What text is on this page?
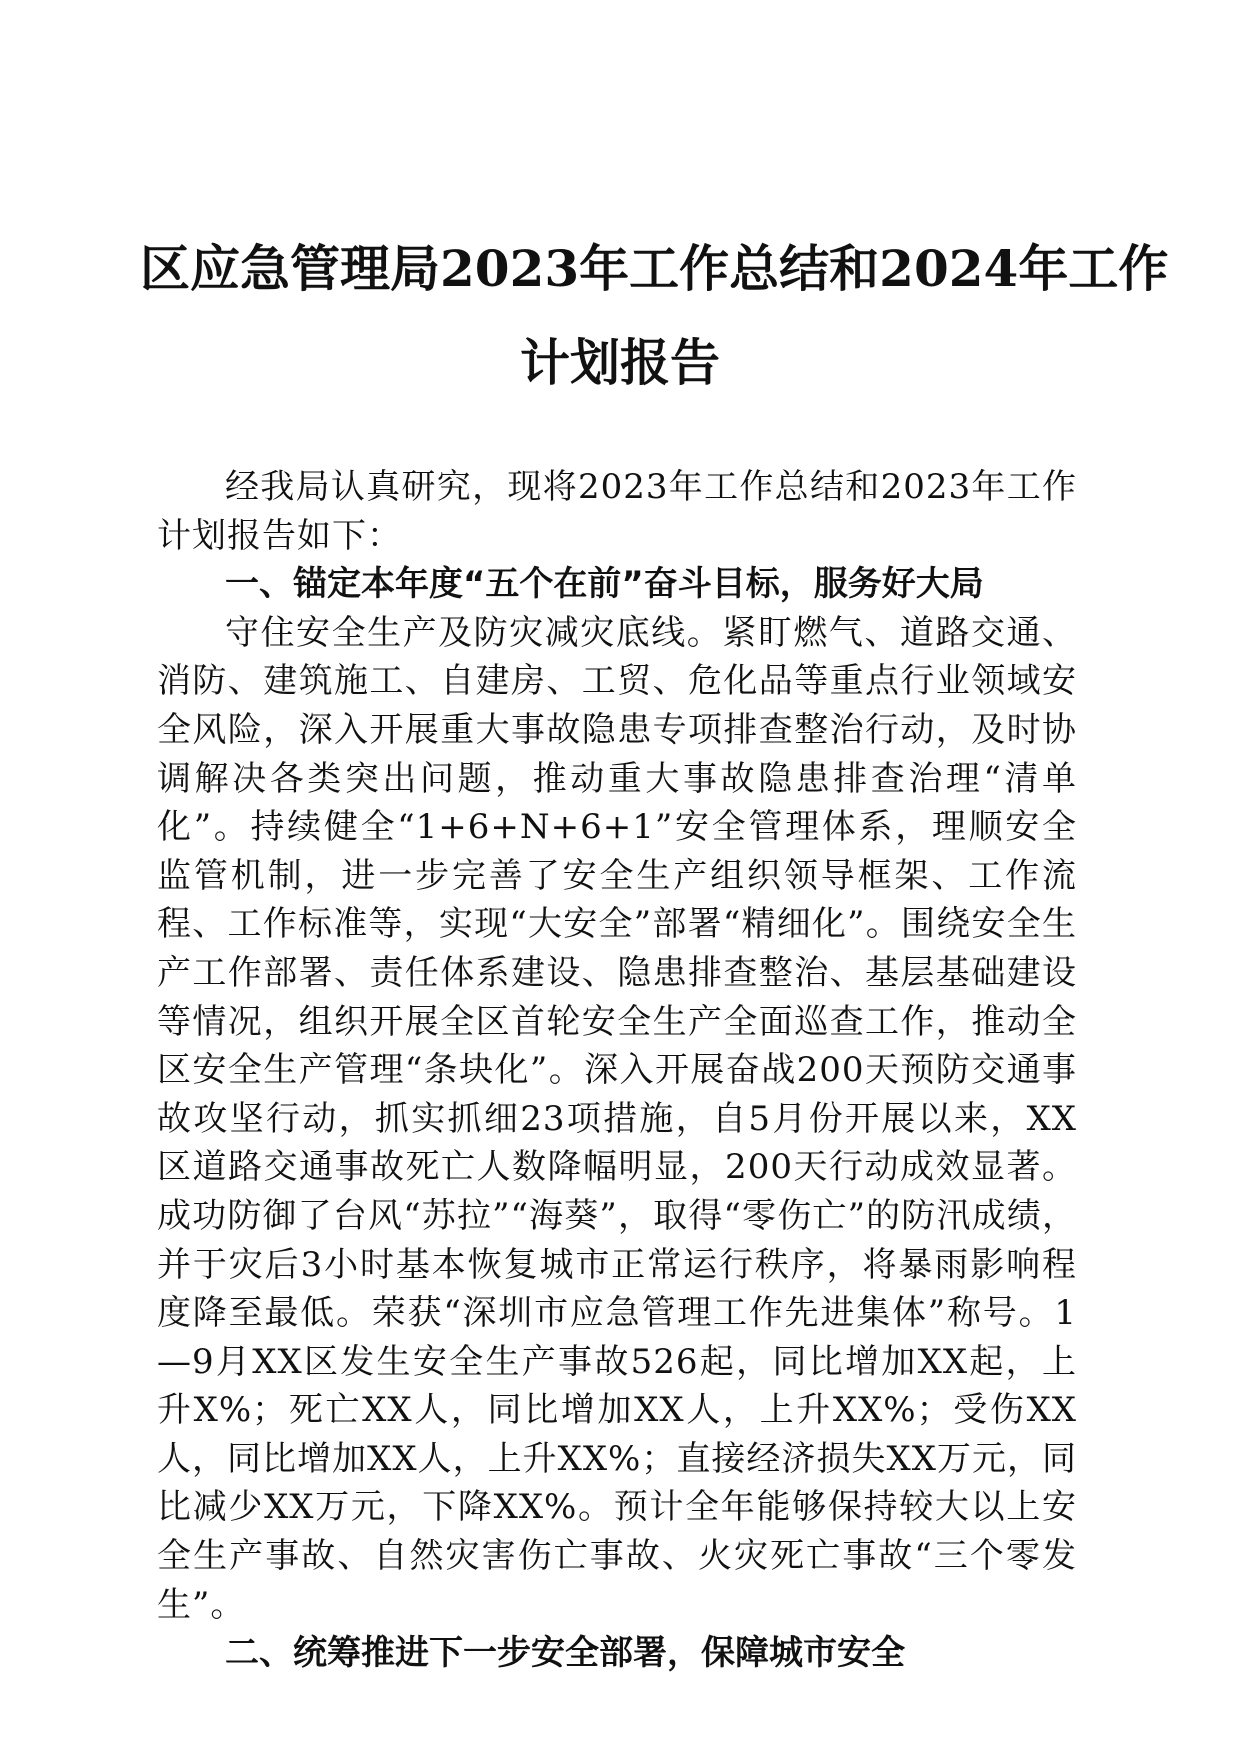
区应急管理局2023年工作总结和2024年工作
计划报告

经我局认真研究，现将2023年工作总结和2023年工作计划报告如下：

一、锚定本年度“五个在前”奋斗目标，服务好大局

守住安全生产及防灾减灾底线。紧盯燃气、道路交通、消防、建筑施工、自建房、工贸、危化品等重点行业领域安全风险，深入开展重大事故隐患专项排查整治行动，及时协调解决各类突出问题，推动重大事故隐患排查治理“清单化”。持续健全“1+6+N+6+1”安全管理体系，理顺安全监管机制，进一步完善了安全生产组织领导框架、工作流程、工作标准等，实现“大安全”部署“精细化”。围绕安全生产工作部署、责任体系建设、隐患排查整治、基层基础建设等情况，组织开展全区首轮安全生产全面巡查工作，推动全区安全生产管理“条块化”。深入开展奋战200天预防交通事故攻坚行动，抓实抓细23项措施，自5月份开展以来，XX区道路交通事故死亡人数降幅明显，200天行动成效显著。成功防御了台风“苏拉”“海葵”，取得“零伤亡”的防汛成绩，并于灾后3小时基本恢复城市正常运行秩序，将暴雨影响程度降至最低。荣获“深圳市应急管理工作先进集体”称号。1—9月XX区发生安全生产事故526起，同比增加XX起，上升X%；死亡XX人，同比增加XX人，上升XX%；受伤XX人，同比增加XX人，上升XX%；直接经济损失XX万元，同比减少XX万元，下降XX%。预计全年能够保持较大以上安全生产事故、自然灾害伤亡事故、火灾死亡事故“三个零发生”。

二、统筹推进下一步安全部署，保障城市安全
